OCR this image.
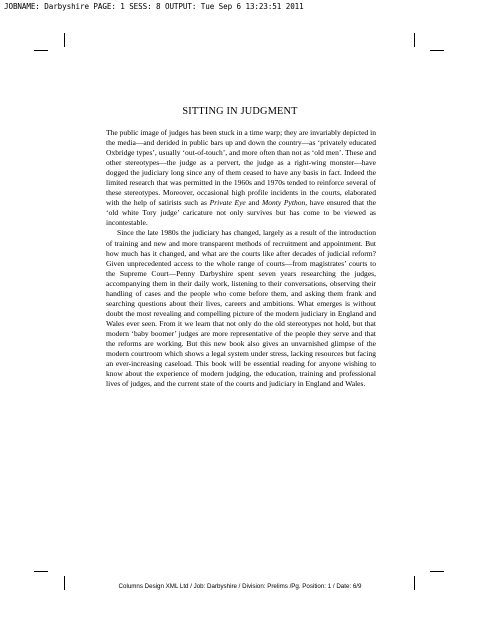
JOBNAME: Darbyshire PAGE: 1 SESS: 8 OUTPUT: Tue Sep 6 13:23:51 2011
SITTING IN JUDGMENT

The public image of judges has been stuck in a time warp; they are invariably depicted in the media—and derided in public bars up and down the country—as ‘privately educated Oxbridge types’, usually ‘out-of-touch’, and more often than not as ‘old men’. These and other stereotypes—the judge as a pervert, the judge as a right-wing monster—have dogged the judiciary long since any of them ceased to have any basis in fact. Indeed the limited research that was permitted in the 1960s and 1970s tended to reinforce several of these stereotypes. Moreover, occasional high profile incidents in the courts, elaborated with the help of satirists such as Private Eye and Monty Python, have ensured that the ‘old white Tory judge’ caricature not only survives but has come to be viewed as incontestable.

Since the late 1980s the judiciary has changed, largely as a result of the introduction of training and new and more transparent methods of recruitment and appointment. But how much has it changed, and what are the courts like after decades of judicial reform? Given unprecedented access to the whole range of courts—from magistrates’ courts to the Supreme Court—Penny Darbyshire spent seven years researching the judges, accompanying them in their daily work, listening to their conversations, observing their handling of cases and the people who come before them, and asking them frank and searching questions about their lives, careers and ambitions. What emerges is without doubt the most revealing and compelling picture of the modern judiciary in England and Wales ever seen. From it we learn that not only do the old stereotypes not hold, but that modern ‘baby boomer’ judges are more representative of the people they serve and that the reforms are working. But this new book also gives an unvarnished glimpse of the modern courtroom which shows a legal system under stress, lacking resources but facing an ever-increasing caseload. This book will be essential reading for anyone wishing to know about the experience of modern judging, the education, training and professional lives of judges, and the current state of the courts and judiciary in England and Wales.

Columns Design XML Ltd / Job: Darbyshire / Division: Prelims /Pg. Position: 1 / Date: 6/9
